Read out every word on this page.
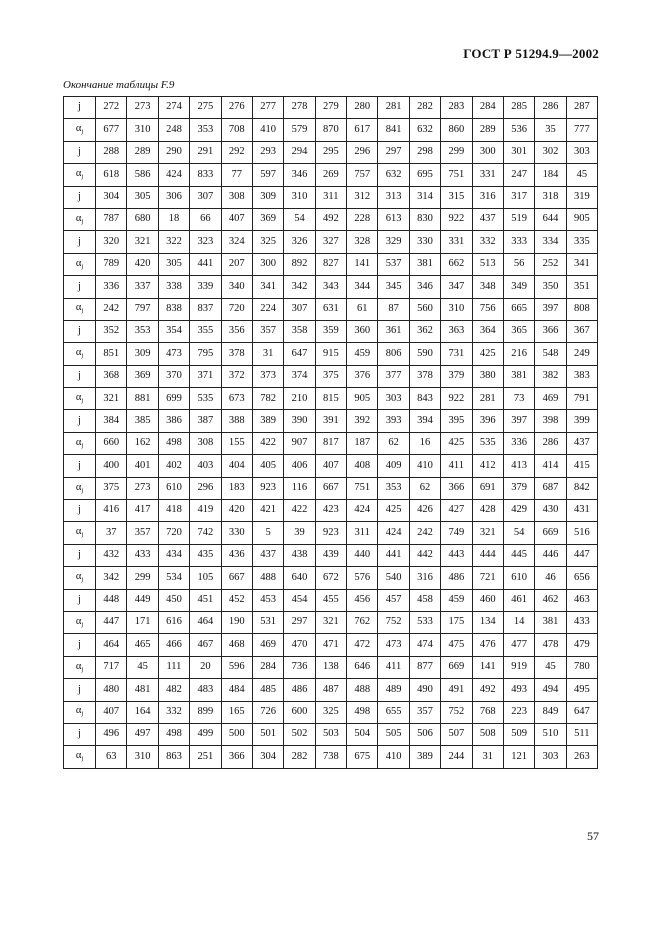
ГОСТ Р 51294.9—2002
Окончание таблицы F.9
j	272	273	274	275	276	277	278	279	280	281	282	283	284	285	286	287
$\alpha_j$	677	310	248	353	708	410	579	870	617	841	632	860	289	536	35	777
j	288	289	290	291	292	293	294	295	296	297	298	299	300	301	302	303
$\alpha_j$	618	586	424	833	77	597	346	269	757	632	695	751	331	247	184	45
j	304	305	306	307	308	309	310	311	312	313	314	315	316	317	318	319
$\alpha_j$	787	680	18	66	407	369	54	492	228	613	830	922	437	519	644	905
j	320	321	322	323	324	325	326	327	328	329	330	331	332	333	334	335
$\alpha_j$	789	420	305	441	207	300	892	827	141	537	381	662	513	56	252	341
j	336	337	338	339	340	341	342	343	344	345	346	347	348	349	350	351
$\alpha_j$	242	797	838	837	720	224	307	631	61	87	560	310	756	665	397	808
j	352	353	354	355	356	357	358	359	360	361	362	363	364	365	366	367
$\alpha_j$	851	309	473	795	378	31	647	915	459	806	590	731	425	216	548	249
j	368	369	370	371	372	373	374	375	376	377	378	379	380	381	382	383
$\alpha_j$	321	881	699	535	673	782	210	815	905	303	843	922	281	73	469	791
j	384	385	386	387	388	389	390	391	392	393	394	395	396	397	398	399
$\alpha_j$	660	162	498	308	155	422	907	817	187	62	16	425	535	336	286	437
j	400	401	402	403	404	405	406	407	408	409	410	411	412	413	414	415
$\alpha_j$	375	273	610	296	183	923	116	667	751	353	62	366	691	379	687	842
j	416	417	418	419	420	421	422	423	424	425	426	427	428	429	430	431
$\alpha_j$	37	357	720	742	330	5	39	923	311	424	242	749	321	54	669	516
j	432	433	434	435	436	437	438	439	440	441	442	443	444	445	446	447
$\alpha_j$	342	299	534	105	667	488	640	672	576	540	316	486	721	610	46	656
j	448	449	450	451	452	453	454	455	456	457	458	459	460	461	462	463
$\alpha_j$	447	171	616	464	190	531	297	321	762	752	533	175	134	14	381	433
j	464	465	466	467	468	469	470	471	472	473	474	475	476	477	478	479
$\alpha_j$	717	45	111	20	596	284	736	138	646	411	877	669	141	919	45	780
j	480	481	482	483	484	485	486	487	488	489	490	491	492	493	494	495
$\alpha_j$	407	164	332	899	165	726	600	325	498	655	357	752	768	223	849	647
j	496	497	498	499	500	501	502	503	504	505	506	507	508	509	510	511
$\alpha_j$	63	310	863	251	366	304	282	738	675	410	389	244	31	121	303	263
57
